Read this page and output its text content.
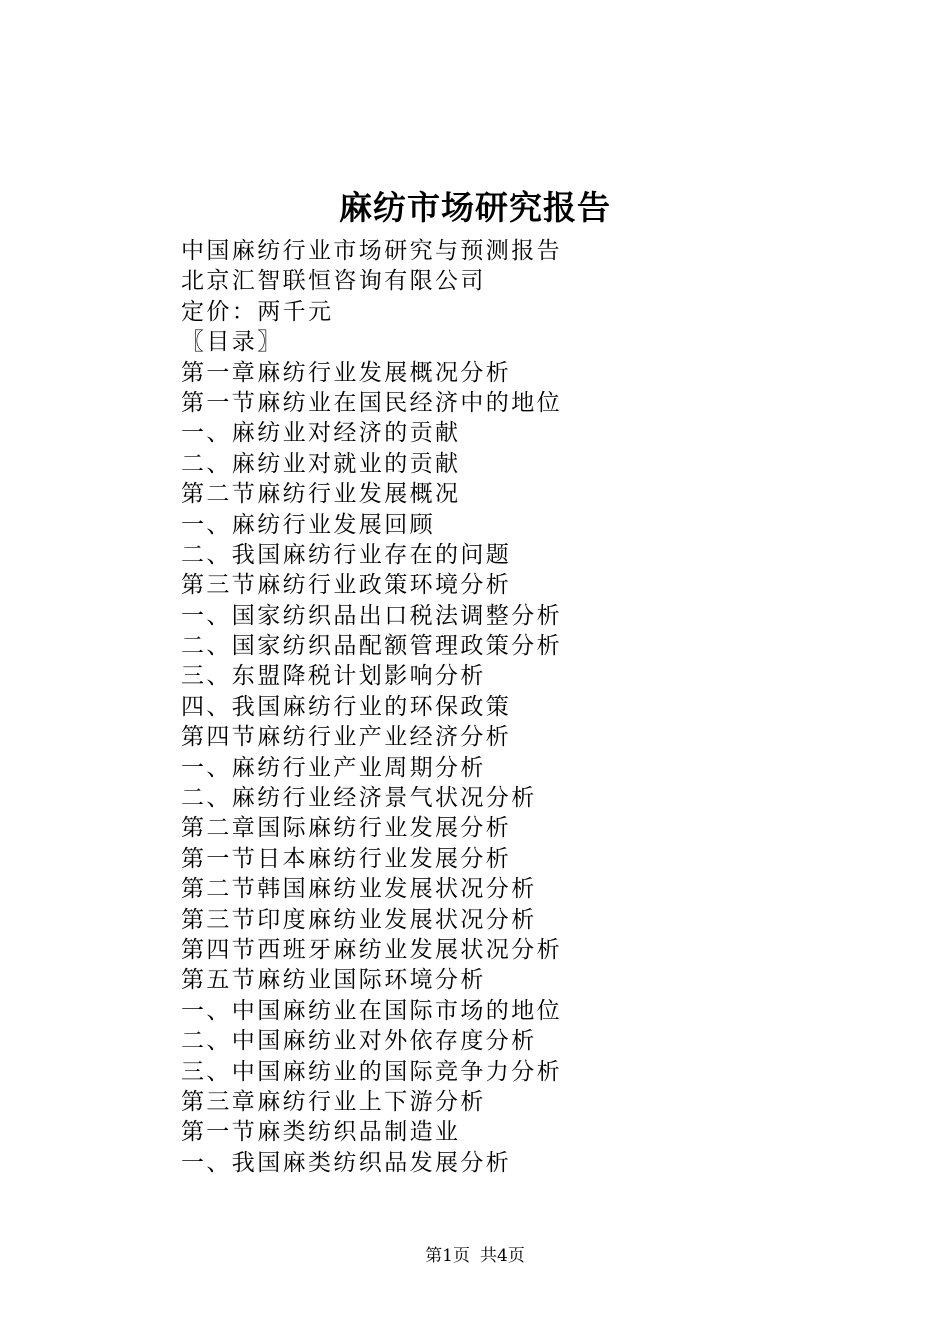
麻纺市场研究报告
中国麻纺行业市场研究与预测报告
北京汇智联恒咨询有限公司
定价：两千元
〖目录〗
第一章麻纺行业发展概况分析
第一节麻纺业在国民经济中的地位
一、麻纺业对经济的贡献
二、麻纺业对就业的贡献
第二节麻纺行业发展概况
一、麻纺行业发展回顾
二、我国麻纺行业存在的问题
第三节麻纺行业政策环境分析
一、国家纺织品出口税法调整分析
二、国家纺织品配额管理政策分析
三、东盟降税计划影响分析
四、我国麻纺行业的环保政策
第四节麻纺行业产业经济分析
一、麻纺行业产业周期分析
二、麻纺行业经济景气状况分析
第二章国际麻纺行业发展分析
第一节日本麻纺行业发展分析
第二节韩国麻纺业发展状况分析
第三节印度麻纺业发展状况分析
第四节西班牙麻纺业发展状况分析
第五节麻纺业国际环境分析
一、中国麻纺业在国际市场的地位
二、中国麻纺业对外依存度分析
三、中国麻纺业的国际竞争力分析
第三章麻纺行业上下游分析
第一节麻类纺织品制造业
一、我国麻类纺织品发展分析
第1页 共4页
